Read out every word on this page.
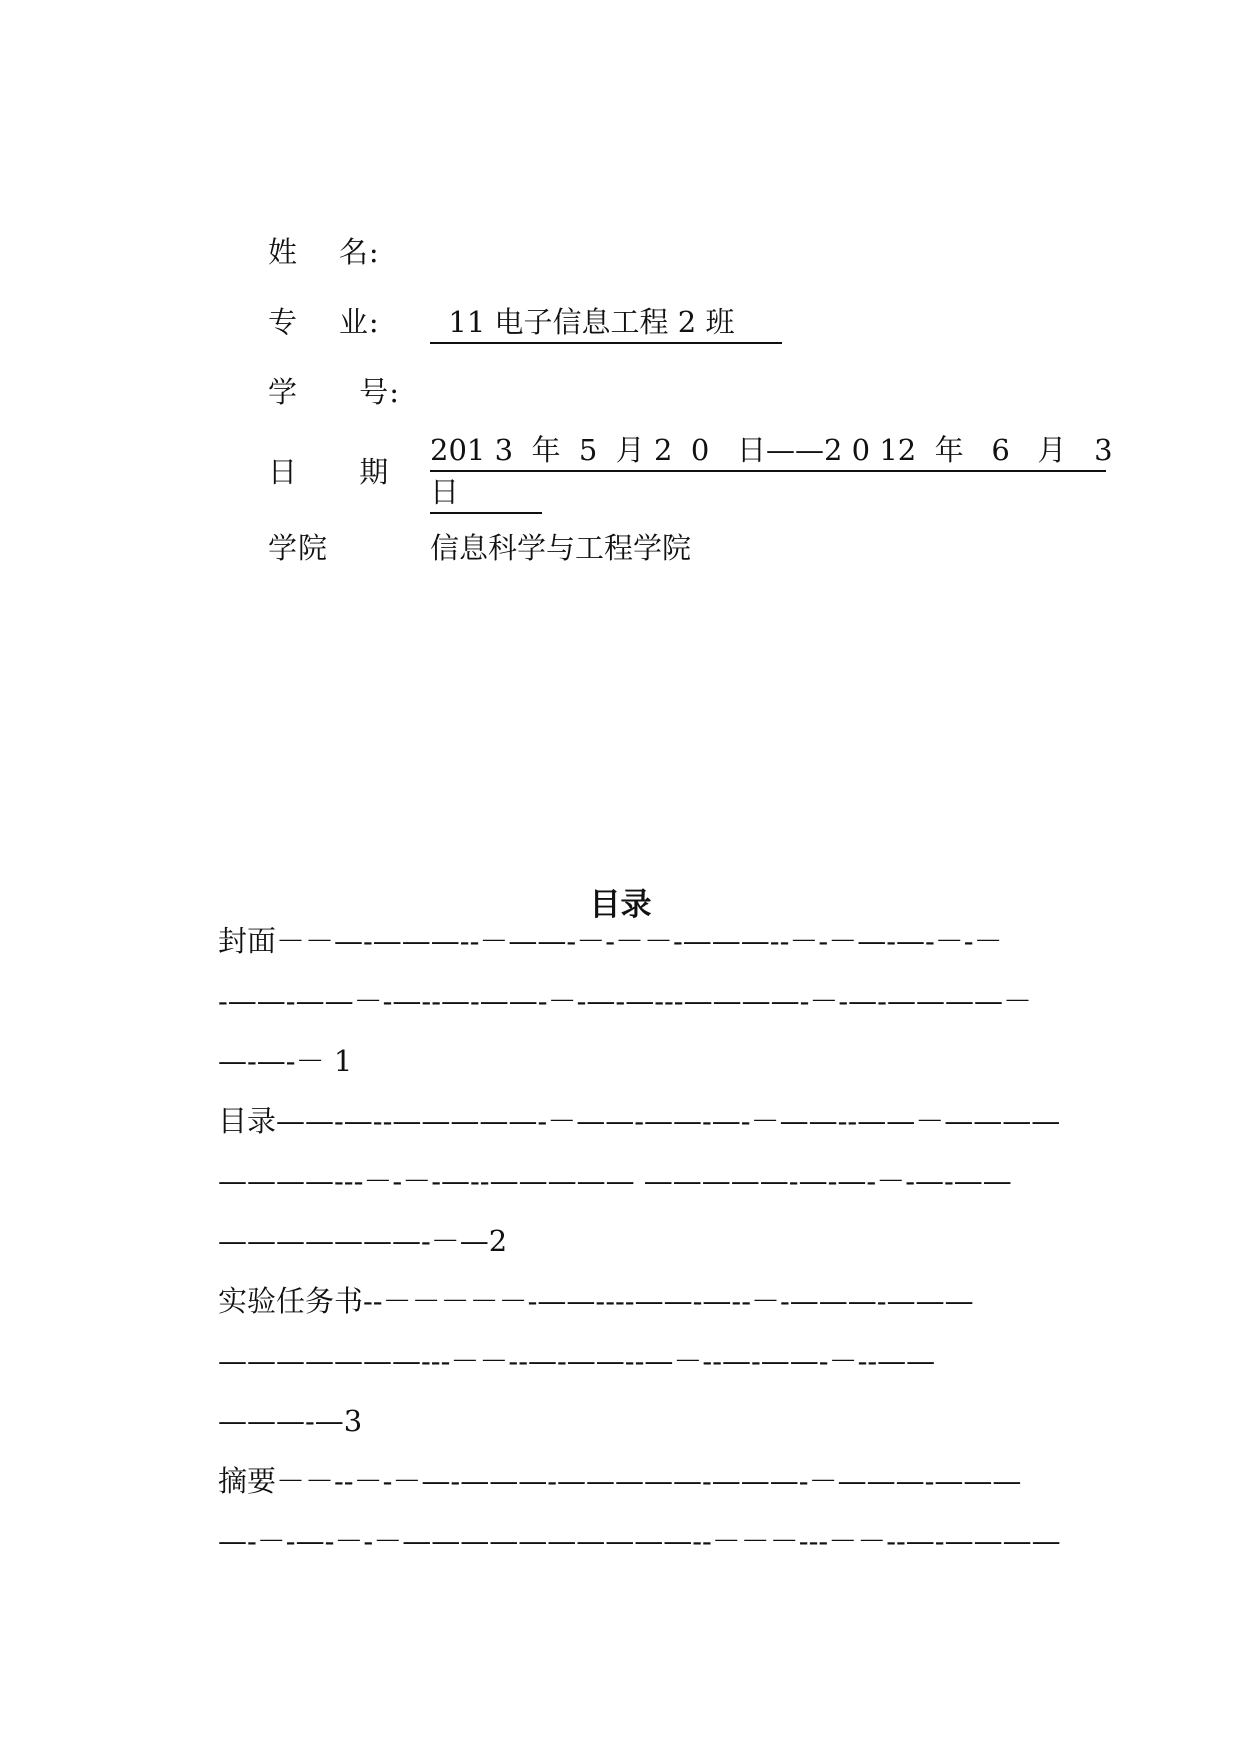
姓    名:
专    业: 11 电子信息工程 2 班
学      号:
日      期
201 3  年  5  月 2  0   日——2 0 12  年   6   月   3
日
学院	信息科学与工程学院
目录
封面－－—-———--－——-－-－－-———--－-－—-—-－-－
-——-——－-—--—-——-－-—-—---————-－-—-————－
—-—-－ 1
目录——-—--—————-－——-——-—-－——--——－————
————---－-－-—--————— —————-—-—-－-—-——
———————-－—2
实验任务书--－－－－－-——----——-—--－-———-———
———————---－－--—-——--—－--—-——-－--——
———-—3
摘要－－--－-－—-———-—————-———-－———-———
—-－-—-－-－——————————--－－－---－－--—-————
